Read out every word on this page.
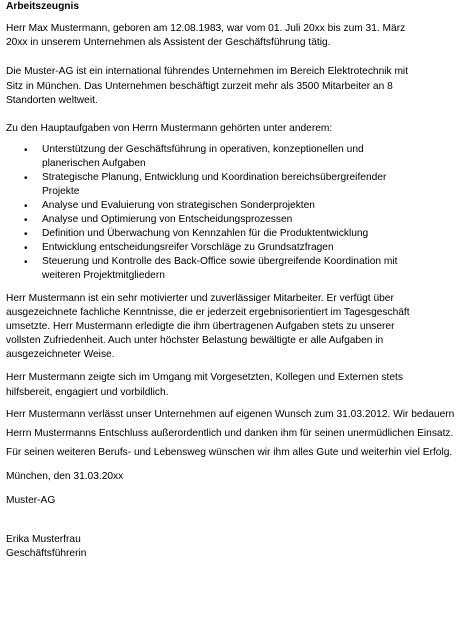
Arbeitszeugnis
Herr Max Mustermann, geboren am 12.08.1983, war vom 01. Juli 20xx bis zum 31. März
20xx in unserem Unternehmen als Assistent der Geschäftsführung tätig.
Die Muster-AG ist ein international führendes Unternehmen im Bereich Elektrotechnik mit
Sitz in München. Das Unternehmen beschäftigt zurzeit mehr als 3500 Mitarbeiter an 8
Standorten weltweit.
Zu den Hauptaufgaben von Herrn Mustermann gehörten unter anderem:
•	Unterstützung der Geschäftsführung in operativen, konzeptionellen und
planerischen Aufgaben
•	Strategische Planung, Entwicklung und Koordination bereichsübergreifender
Projekte
•	Analyse und Evaluierung von strategischen Sonderprojekten
•	Analyse und Optimierung von Entscheidungsprozessen
•	Definition und Überwachung von Kennzahlen für die Produktentwicklung
•	Entwicklung entscheidungsreifer Vorschläge zu Grundsatzfragen
•	Steuerung und Kontrolle des Back-Office sowie übergreifende Koordination mit
weiteren Projektmitgliedern
Herr Mustermann ist ein sehr motivierter und zuverlässiger Mitarbeiter. Er verfügt über
ausgezeichnete fachliche Kenntnisse, die er jederzeit ergebnisorientiert im Tagesgeschäft
umsetzte. Herr Mustermann erledigte die ihm übertragenen Aufgaben stets zu unserer
vollsten Zufriedenheit. Auch unter höchster Belastung bewältigte er alle Aufgaben in
ausgezeichneter Weise.
Herr Mustermann zeigte sich im Umgang mit Vorgesetzten, Kollegen und Externen stets
hilfsbereit, engagiert und vorbildlich.
Herr Mustermann verlässt unser Unternehmen auf eigenen Wunsch zum 31.03.2012. Wir bedauern
Herrn Mustermanns Entschluss außerordentlich und danken ihm für seinen unermüdlichen Einsatz.
Für seinen weiteren Berufs- und Lebensweg wünschen wir ihm alles Gute und weiterhin viel Erfolg.
München, den 31.03.20xx
Muster-AG
Erika Musterfrau
Geschäftsführerin
